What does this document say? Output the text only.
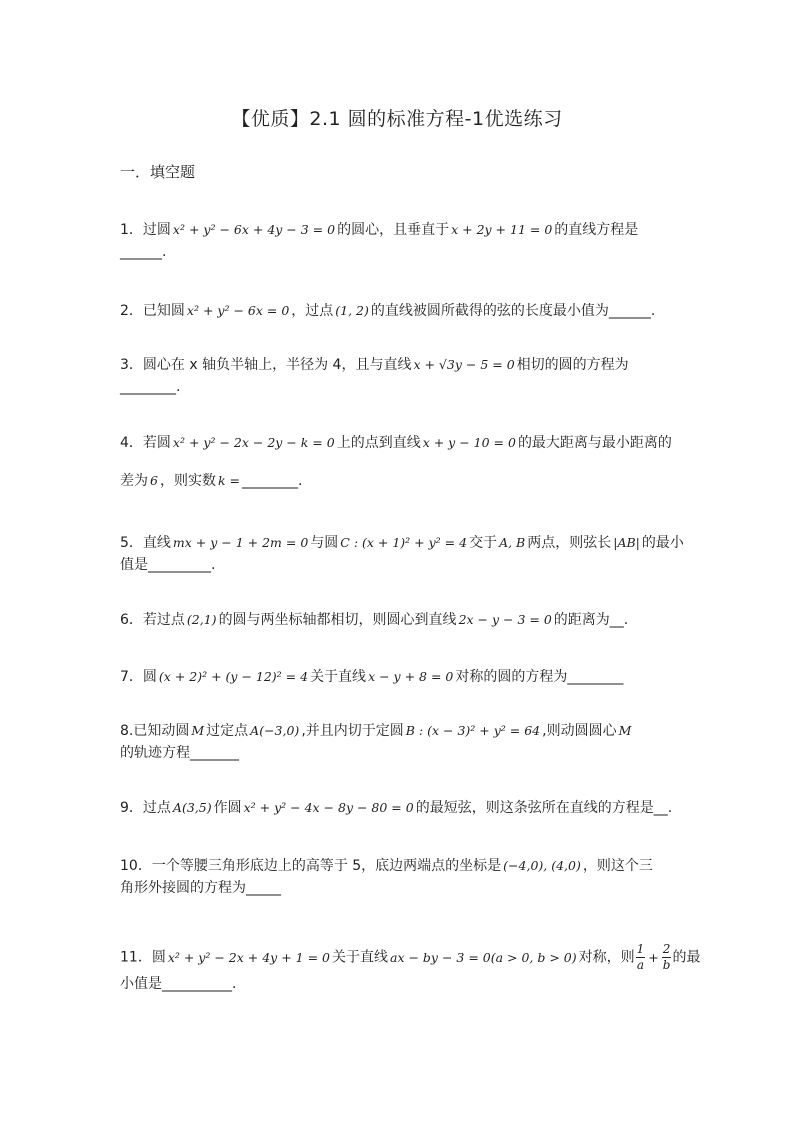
【优质】2.1 圆的标准方程-1优选练习
一．填空题
1．过圆 x² + y² − 6x + 4y − 3 = 0 的圆心，且垂直于 x + 2y + 11 = 0 的直线方程是
______.
2．已知圆 x² + y² − 6x = 0 ，过点 (1, 2) 的直线被圆所截得的弦的长度最小值为______.
3．圆心在 x 轴负半轴上，半径为 4，且与直线 x + √3y − 5 = 0 相切的圆的方程为
________.
4．若圆 x² + y² − 2x − 2y − k = 0 上的点到直线 x + y − 10 = 0 的最大距离与最小距离的
差为 6 ，则实数 k = ________.
5．直线 mx + y − 1 + 2m = 0 与圆 C : (x + 1)² + y² = 4 交于 A, B 两点，则弦长 |AB| 的最小
值是_________.
6．若过点 (2,1) 的圆与两坐标轴都相切，则圆心到直线 2x − y − 3 = 0 的距离为__.
7．圆 (x + 2)² + (y − 12)² = 4 关于直线 x − y + 8 = 0 对称的圆的方程为________
8.已知动圆 M 过定点 A(−3,0) ,并且内切于定圆 B : (x − 3)² + y² = 64 ,则动圆圆心 M
的轨迹方程_______
9．过点 A(3,5) 作圆 x² + y² − 4x − 8y − 80 = 0 的最短弦，则这条弦所在直线的方程是__.
10．一个等腰三角形底边上的高等于 5，底边两端点的坐标是 (−4,0), (4,0) ，则这个三
角形外接圆的方程为_____
11．圆 x² + y² − 2x + 4y + 1 = 0 关于直线 ax − by − 3 = 0(a > 0, b > 0) 对称，则 $\frac{1}{a} + \frac{2}{b}$ 的最
小值是__________.
